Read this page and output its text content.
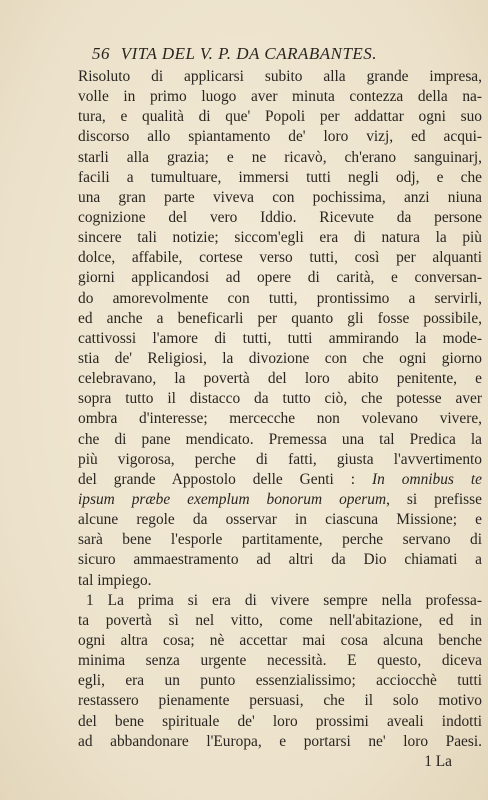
56 VITA DEL V. P. DA CARABANTES.
Risoluto di applicarsi subito alla grande impresa,
volle in primo luogo aver minuta contezza della na-
tura, e qualità di que' Popoli per addattar ogni suo
discorso allo spiantamento de' loro vizj, ed acqui-
starli alla grazia; e ne ricavò, ch'erano sanguinarj,
facili a tumultuare, immersi tutti negli odj, e che
una gran parte viveva con pochissima, anzi niuna
cognizione del vero Iddio. Ricevute da persone
sincere tali notizie; siccom'egli era di natura la più
dolce, affabile, cortese verso tutti, così per alquanti
giorni applicandosi ad opere di carità, e conversan-
do amorevolmente con tutti, prontissimo a servirli,
ed anche a beneficarli per quanto gli fosse possibile,
cattivossi l'amore di tutti, tutti ammirando la mode-
stia de' Religiosi, la divozione con che ogni giorno
celebravano, la povertà del loro abito penitente, e
sopra tutto il distacco da tutto ciò, che potesse aver
ombra d'interesse; mercecche non volevano vivere,
che di pane mendicato. Premessa una tal Predica la
più vigorosa, perche di fatti, giusta l'avvertimento
del grande Appostolo delle Genti : In omnibus te
ipsum præbe exemplum bonorum operum, si prefisse
alcune regole da osservar in ciascuna Missione; e
sarà bene l'esporle partitamente, perche servano di
sicuro ammaestramento ad altri da Dio chiamati a
tal impiego.
1 La prima si era di vivere sempre nella professa-
ta povertà sì nel vitto, come nell'abitazione, ed in
ogni altra cosa; nè accettar mai cosa alcuna benche
minima senza urgente necessità. E questo, diceva
egli, era un punto essenzialissimo; acciocchè tutti
restassero pienamente persuasi, che il solo motivo
del bene spirituale de' loro prossimi aveali indotti
ad abbandonare l'Europa, e portarsi ne' loro Paesi.
1 La
